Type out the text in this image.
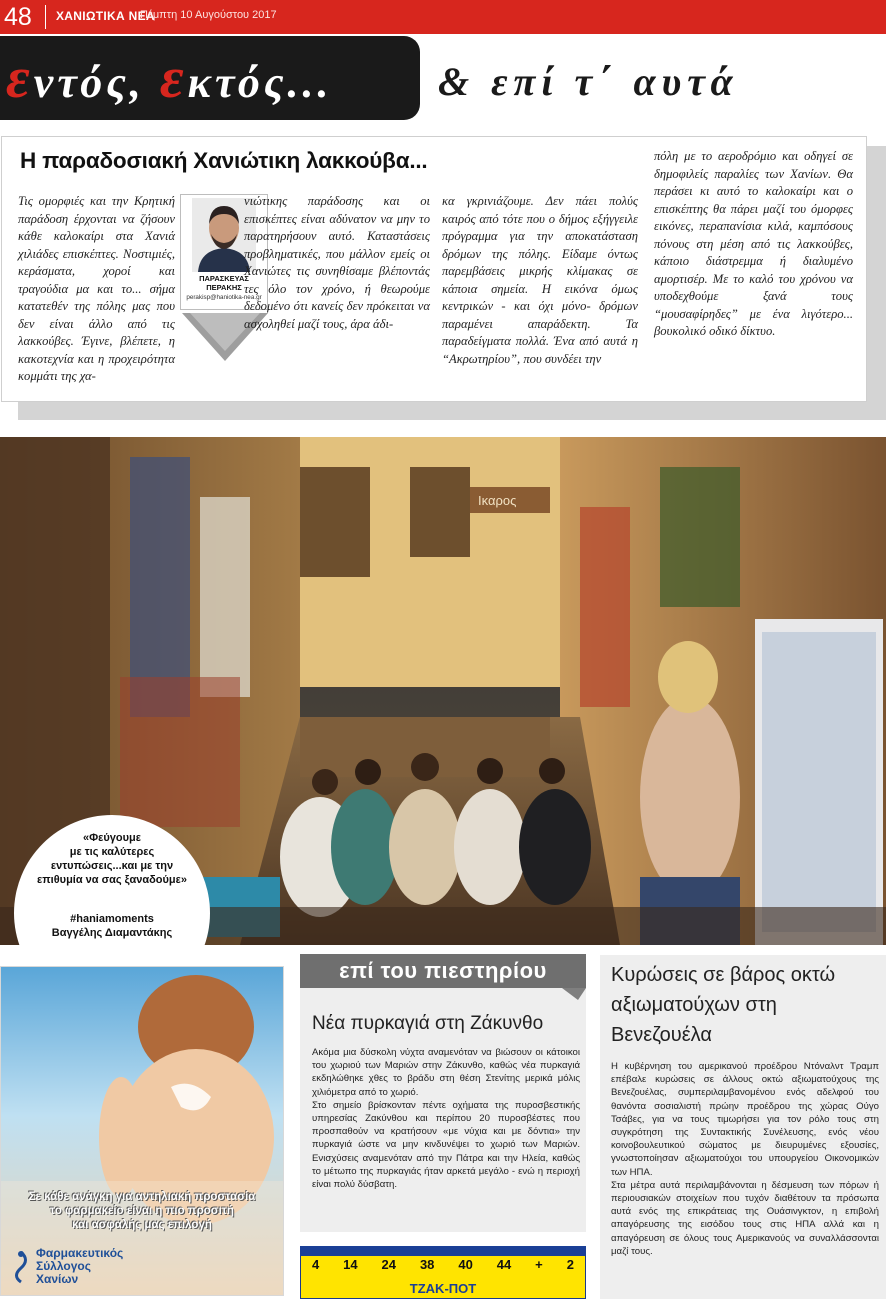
48 ΧΑΝΙΩΤΙΚΑ ΝΕΑ
Πέμπτη 10 Αυγούστου 2017
εντός, εκτός...	& επί τ΄ αυτά
Η παραδοσιακή Χανιώτικη λακκούβα...
Τις ομορφιές και την Κρητική παράδοση έρχονται να ζήσουν κάθε καλοκαίρι στα Χανιά χιλιάδες επισκέπτες. Νοστιμιές, κεράσματα, χοροί και τραγούδια μα και το... σήμα κατατεθέν της πόλης μας που δεν είναι άλλο από τις λακκούβες. Έγινε, βλέπετε, η κακοτεχνία και η προχειρότητα κομμάτι της χα-
ΠΑΡΑΣΚΕΥΑΣ
ΠΕΡΑΚΗΣ
perakisp@haniotika-nea.gr
νιώτικης παράδοσης και οι επισκέπτες είναι αδύνατον να μην το παρατηρήσουν αυτό. Καταστάσεις προβληματικές, που μάλλον εμείς οι Χανιώτες τις συνηθίσαμε βλέποντάς τες όλο τον χρόνο, ή θεωρούμε δεδομένο ότι κανείς δεν πρόκειται να ασχοληθεί μαζί τους, άρα άδι-
κα γκρινιάζουμε. Δεν πάει πολύς καιρός από τότε που ο δήμος εξήγγειλε πρόγραμμα για την αποκατάσταση δρόμων της πόλης. Είδαμε όντως παρεμβάσεις μικρής κλίμακας σε κάποια σημεία. Η εικόνα όμως κεντρικών - και όχι μόνο- δρόμων παραμένει απαράδεκτη. Τα παραδείγματα πολλά. Ένα από αυτά η “Ακρωτηρίου”, που συνδέει την
πόλη με το αεροδρόμιο και οδηγεί σε δημοφιλείς παραλίες των Χανίων. Θα περάσει κι αυτό το καλοκαίρι και ο επισκέπτης θα πάρει μαζί του όμορφες εικόνες, περαπανίσια κιλά, καμπόσους πόνους στη μέση από τις λακκούβες, κάποιο διάστρεμμα ή διαλυμένο αμορτισέρ. Με το καλό του χρόνου να υποδεχθούμε ξανά τους “μουσαφίρηδες” με ένα λιγότερο... βουκολικό οδικό δίκτυο.
Ικαρος
«Φεύγουμε
με τις καλύτερες
εντυπώσεις...και με την
επιθυμία να σας ξαναδούμε»
#haniamoments
Βαγγέλης Διαμαντάκης
Σε κάθε ανάγκη για αντηλιακή προστασία
το φαρμακείο είναι η πιο προσιτή
και ασφαλής μας επιλογή
Φαρμακευτικός
Σύλλογος
Χανίων
επί του πιεστηρίου
Νέα πυρκαγιά στη Ζάκυνθο
Ακόμα μια δύσκολη νύχτα αναμενόταν να βιώσουν οι κάτοικοι του χωριού των Μαριών στην Ζάκυνθο, καθώς νέα πυρκαγιά εκδηλώθηκε χθες το βράδυ στη θέση Στενίτης μερικά μόλις χιλιόμετρα από το χωριό.
Στο σημείο βρίσκονταν πέντε οχήματα της πυροσβεστικής υπηρεσίας Ζακύνθου και περίπου 20 πυροσβέστες που προσπαθούν να κρατήσουν «με νύχια και με δόντια» την πυρκαγιά ώστε να μην κινδυνέψει το χωριό των Μαριών. Ενισχύσεις αναμενόταν από την Πάτρα και την Ηλεία, καθώς το μέτωπο της πυρκαγιάς ήταν αρκετά μεγάλο - ενώ η περιοχή είναι πολύ δύσβατη.
4 14 24 38 40 44 + 2
ΤΖΑΚ-ΠΟΤ
Κυρώσεις σε βάρος οκτώ αξιωματούχων στη Βενεζουέλα
Η κυβέρνηση του αμερικανού προέδρου Ντόναλντ Τραμπ επέβαλε κυρώσεις σε άλλους οκτώ αξιωματούχους της Βενεζουέλας, συμπεριλαμβανομένου ενός αδελφού του θανόντα σοσιαλιστή πρώην προέδρου της χώρας Ούγο Τσάβες, για να τους τιμωρήσει για τον ρόλο τους στη συγκρότηση της Συντακτικής Συνέλευσης, ενός νέου κοινοβουλευτικού σώματος με διευρυμένες εξουσίες, γνωστοποίησαν αξιωματούχοι του υπουργείου Οικονομικών των ΗΠΑ.
Στα μέτρα αυτά περιλαμβάνονται η δέσμευση των πόρων ή περιουσιακών στοιχείων που τυχόν διαθέτουν τα πρόσωπα αυτά ενός της επικράτειας της Ουάσινγκτον, η επιβολή απαγόρευσης της εισόδου τους στις ΗΠΑ αλλά και η απαγόρευση σε όλους τους Αμερικανούς να συναλλάσσονται μαζί τους.
